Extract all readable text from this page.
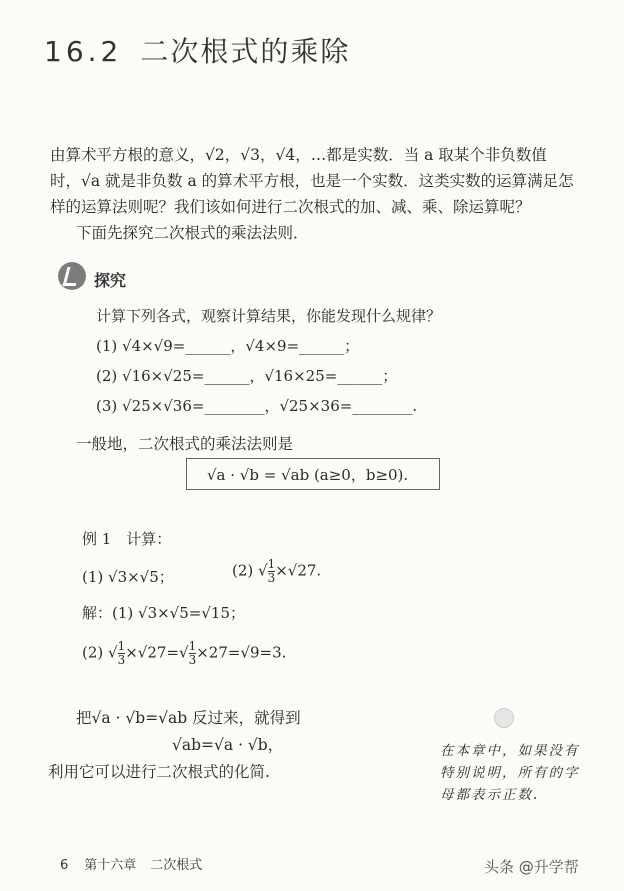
16.2 二次根式的乘除
由算术平方根的意义，√2，√3，√4，…都是实数．当 a 取某个非负数值
时，√a 就是非负数 a 的算术平方根，也是一个实数．这类实数的运算满足怎
样的运算法则呢？我们该如何进行二次根式的加、减、乘、除运算呢？
下面先探究二次根式的乘法法则．
探究
计算下列各式，观察计算结果，你能发现什么规律？
(1) √4×√9=______，√4×9=______；
(2) √16×√25=______，√16×25=______；
(3) √25×√36=________，√25×36=________.
一般地，二次根式的乘法法则是
√a · √b = √ab (a≥0，b≥0).
例 1　计算：
(1) √3×√5；	(2) √ $\frac{1}{3} \times√27$.
解：(1) √3×√5=√15；
(2) √ $\frac{1}{3} \times√27=√ \frac{1}{3} \times 27=√9=3$.
把√a · √b=√ab 反过来，就得到
√ab=√a · √b，
利用它可以进行二次根式的化简.
在本章中，如果没有特别说明，所有的字母都表示正数.
6 第十六章 二次根式	头条 @升学帮
